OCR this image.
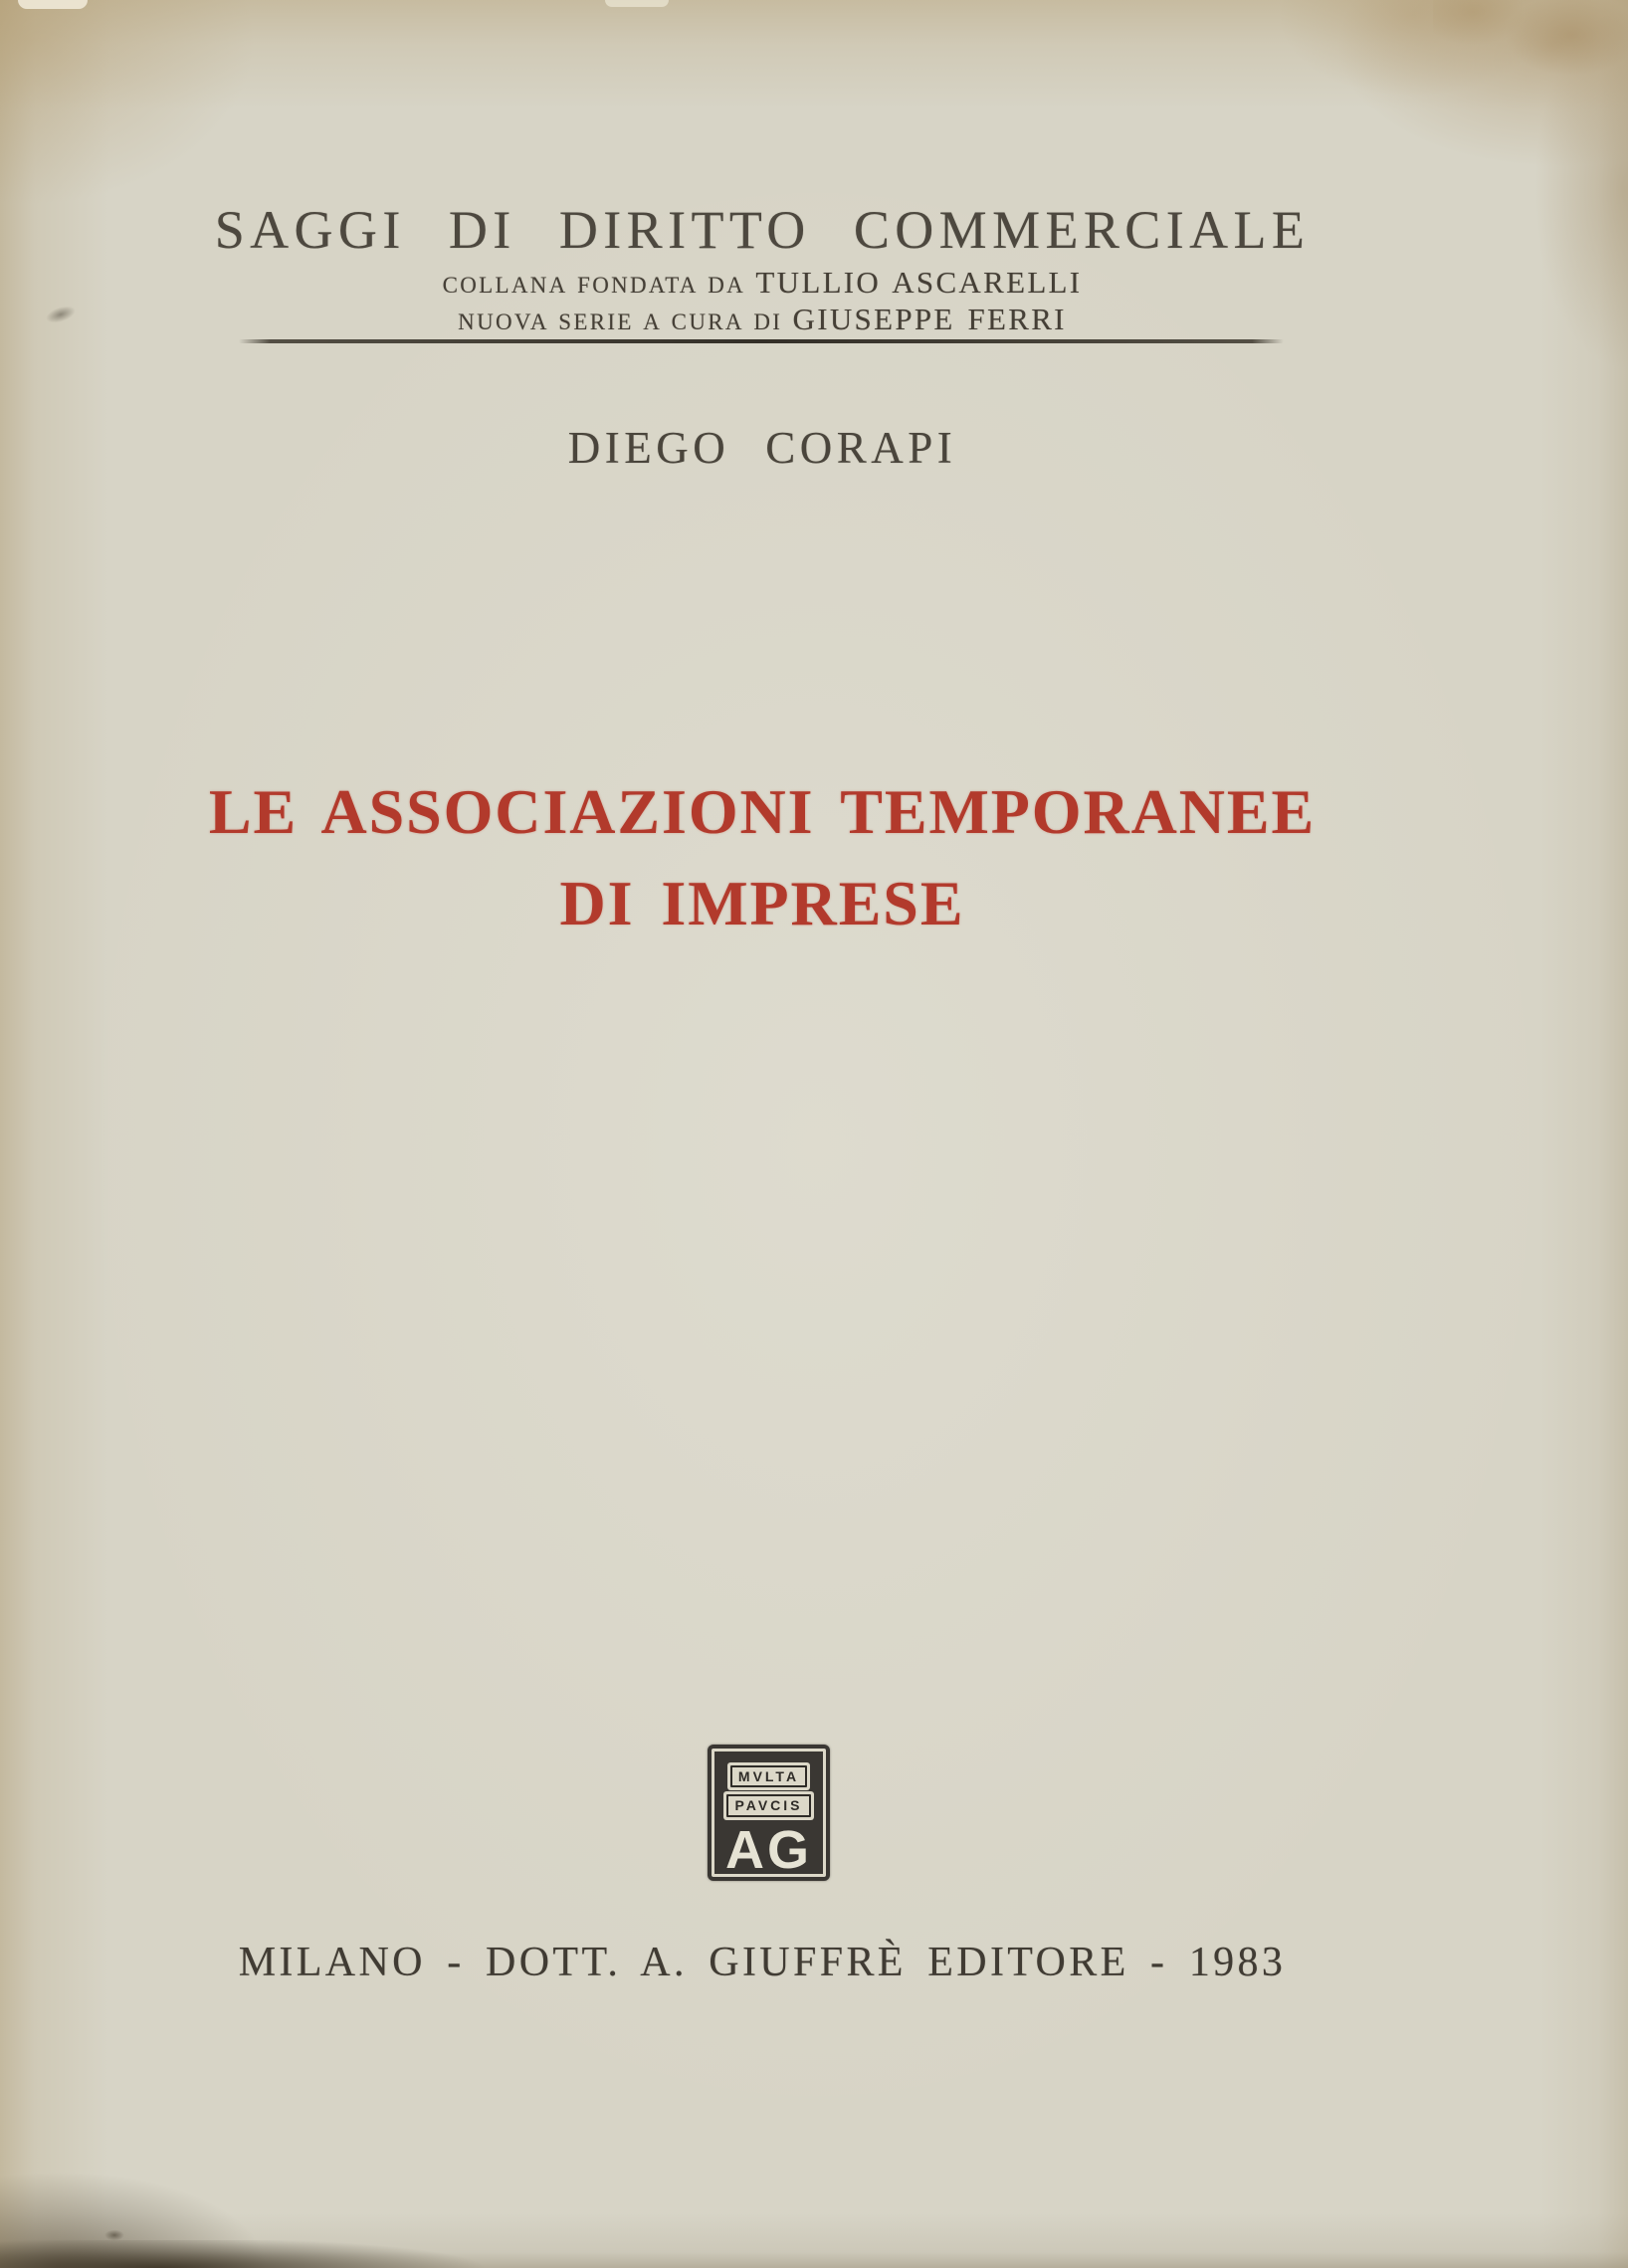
SAGGI DI DIRITTO COMMERCIALE
COLLANA FONDATA DA TULLIO ASCARELLI
NUOVA SERIE A CURA DI GIUSEPPE FERRI
DIEGO CORAPI
LE ASSOCIAZIONI TEMPORANEE
DI IMPRESE
MVLTA
PAVCIS
AG
MILANO - DOTT. A. GIUFFRÈ EDITORE - 1983
